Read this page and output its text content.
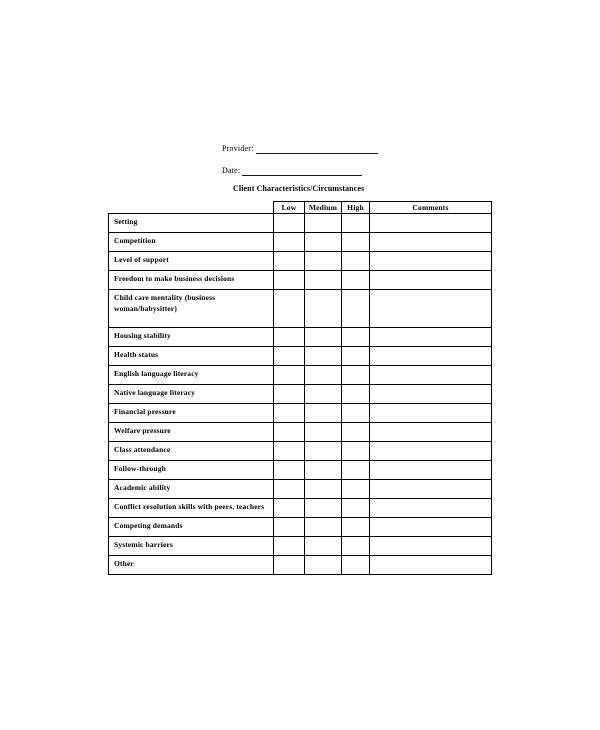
Provider:
Date:
Client Characteristics/Circumstances
	Low	Medium	High	Comments
Setting				
Competition				
Level of support				
Freedom to make business decisions				
Child care mentality (business woman/babysitter)				
Housing stability				
Health status				
English language literacy				
Native language literacy				
Financial pressure				
Welfare pressure				
Class attendance				
Follow-through				
Academic ability				
Conflict resolution skills with peers, teachers				
Competing demands				
Systemic barriers				
Other				
